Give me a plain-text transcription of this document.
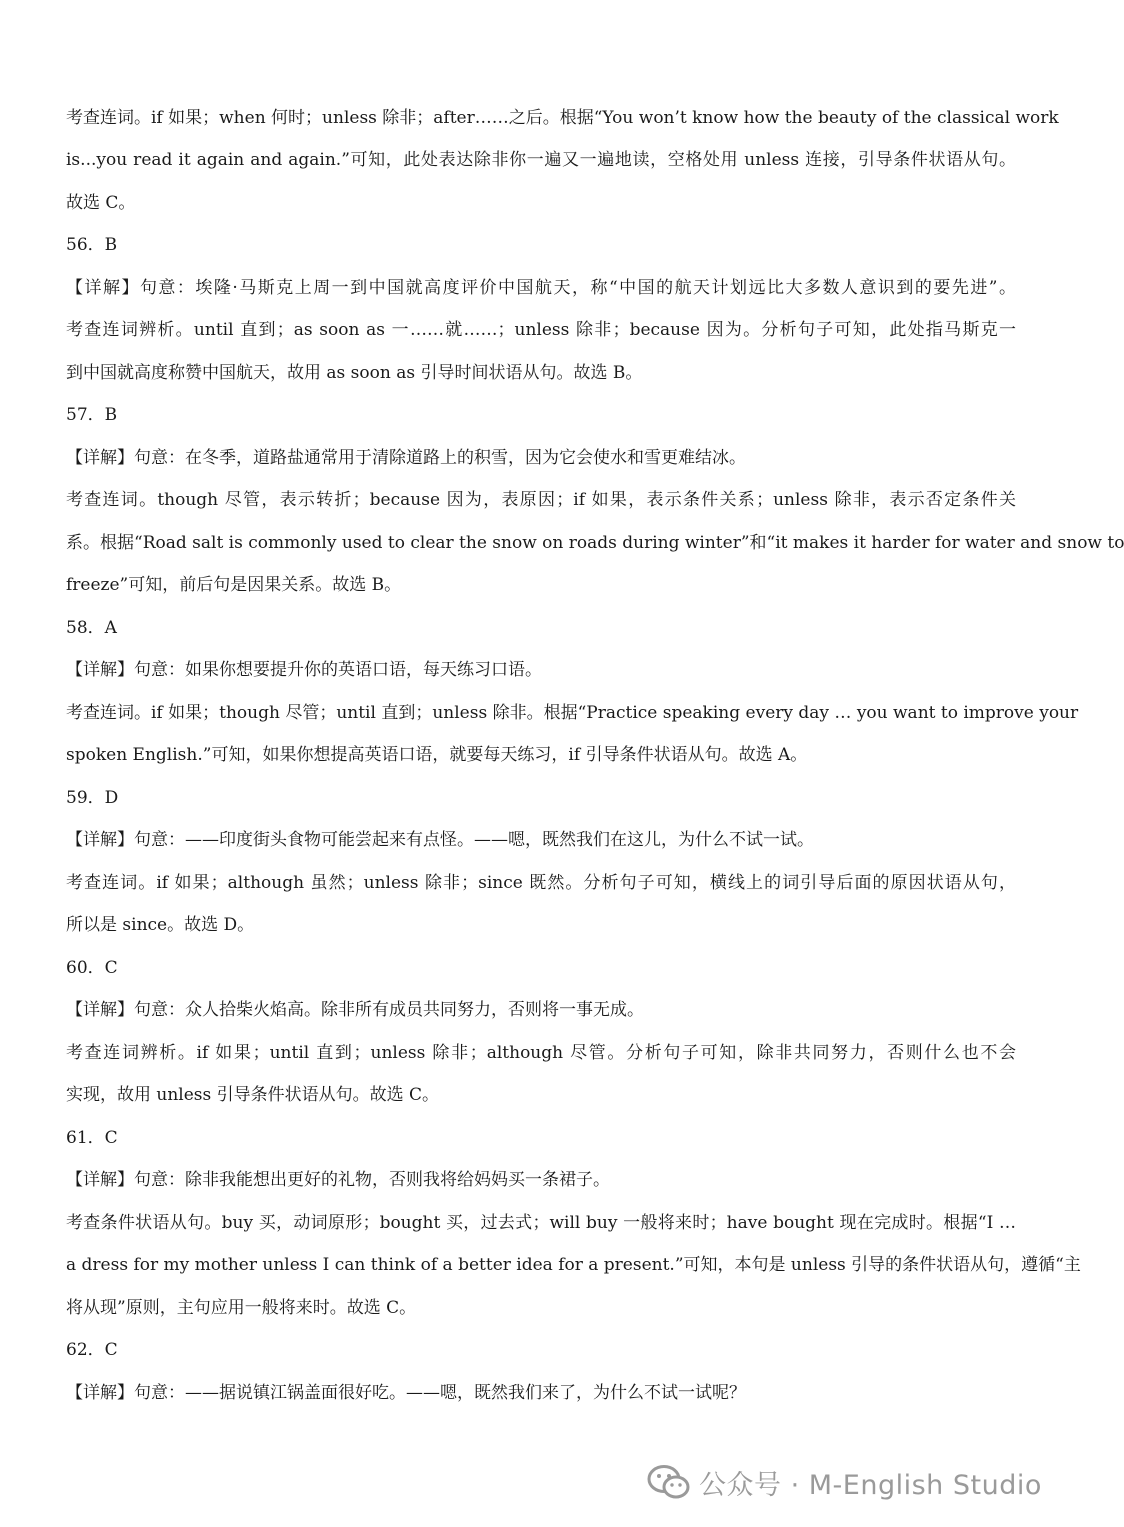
考查连词。if 如果；when 何时；unless 除非；after……之后。根据“You won’t know how the beauty of the classical work
is...you read it again and again.”可知，此处表达除非你一遍又一遍地读，空格处用 unless 连接，引导条件状语从句。
故选 C。
56．B
【详解】句意：埃隆·马斯克上周一到中国就高度评价中国航天，称“中国的航天计划远比大多数人意识到的要先进”。
考查连词辨析。until 直到；as soon as 一……就……；unless 除非；because 因为。分析句子可知，此处指马斯克一
到中国就高度称赞中国航天，故用 as soon as 引导时间状语从句。故选 B。
57．B
【详解】句意：在冬季，道路盐通常用于清除道路上的积雪，因为它会使水和雪更难结冰。
考查连词。though 尽管，表示转折；because 因为，表原因；if 如果，表示条件关系；unless 除非，表示否定条件关
系。根据“Road salt is commonly used to clear the snow on roads during winter”和“it makes it harder for water and snow to
freeze”可知，前后句是因果关系。故选 B。
58．A
【详解】句意：如果你想要提升你的英语口语，每天练习口语。
考查连词。if 如果；though 尽管；until 直到；unless 除非。根据“Practice speaking every day … you want to improve your
spoken English.”可知，如果你想提高英语口语，就要每天练习，if 引导条件状语从句。故选 A。
59．D
【详解】句意：——印度街头食物可能尝起来有点怪。——嗯，既然我们在这儿，为什么不试一试。
考查连词。if 如果；although 虽然；unless 除非；since 既然。分析句子可知，横线上的词引导后面的原因状语从句，
所以是 since。故选 D。
60．C
【详解】句意：众人拾柴火焰高。除非所有成员共同努力，否则将一事无成。
考查连词辨析。if 如果；until 直到；unless 除非；although 尽管。分析句子可知，除非共同努力，否则什么也不会
实现，故用 unless 引导条件状语从句。故选 C。
61．C
【详解】句意：除非我能想出更好的礼物，否则我将给妈妈买一条裙子。
考查条件状语从句。buy 买，动词原形；bought 买，过去式；will buy 一般将来时；have bought 现在完成时。根据“I …
a dress for my mother unless I can think of a better idea for a present.”可知，本句是 unless 引导的条件状语从句，遵循“主
将从现”原则，主句应用一般将来时。故选 C。
62．C
【详解】句意：——据说镇江锅盖面很好吃。——嗯，既然我们来了，为什么不试一试呢？
公众号 · M-English Studio
